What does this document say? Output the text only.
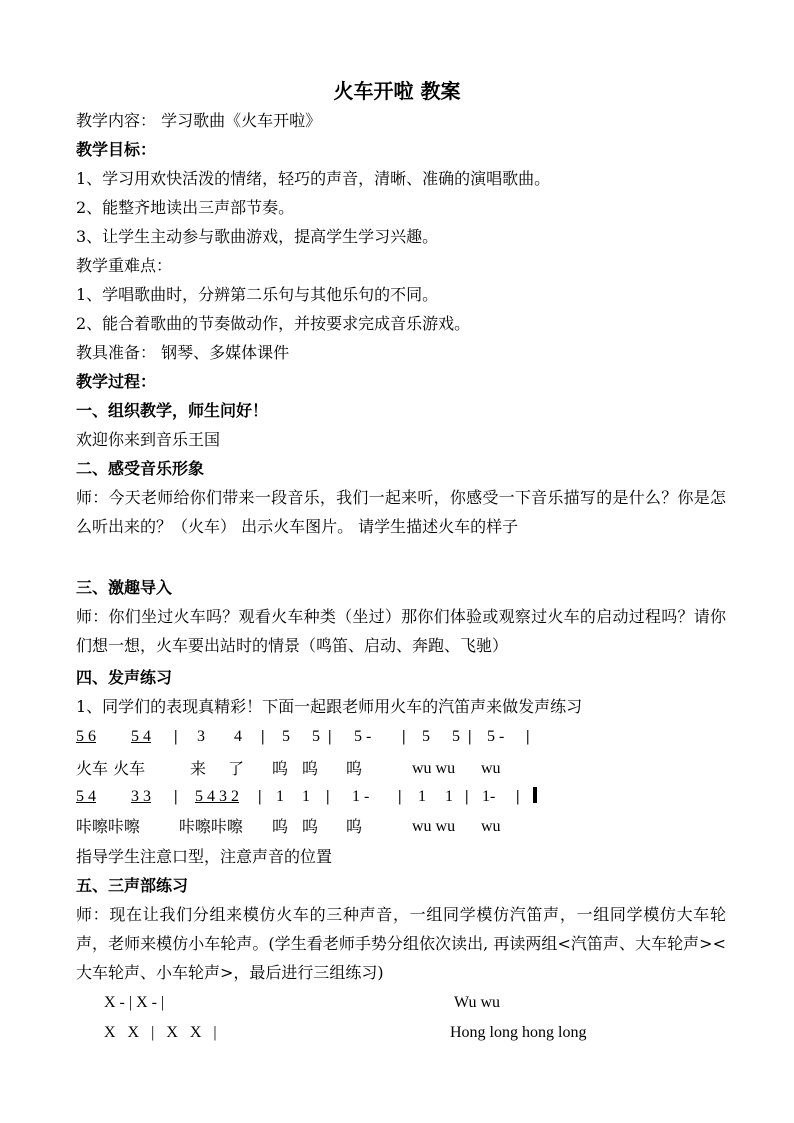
火车开啦 教案
教学内容： 学习歌曲《火车开啦》
教学目标：
1、学习用欢快活泼的情绪，轻巧的声音，清晰、准确的演唱歌曲。
2、能整齐地读出三声部节奏。
3、让学生主动参与歌曲游戏，提高学生学习兴趣。
教学重难点：
1、学唱歌曲时，分辨第二乐句与其他乐句的不同。
2、能合着歌曲的节奏做动作，并按要求完成音乐游戏。
教具准备： 钢琴、多媒体课件
教学过程：
一、组织教学，师生问好！
欢迎你来到音乐王国
二、感受音乐形象
师：今天老师给你们带来一段音乐，我们一起来听，你感受一下音乐描写的是什么？你是怎么听出来的？（火车） 出示火车图片。 请学生描述火车的样子
三、激趣导入
师：你们坐过火车吗？观看火车种类（坐过）那你们体验或观察过火车的启动过程吗？请你们想一想，火车要出站时的情景（鸣笛、启动、奔跑、飞驰）
四、发声练习
1、同学们的表现真精彩！下面一起跟老师用火车的汽笛声来做发声练习
5 6 5 4 | 3 4 | 5 5 | 5 - | 5 5 | 5 - |
火车 火车	来 了 呜 呜 呜	wu wu wu
5 4 3 3 | 5 4 3 2 | 1 1 | 1 - | 1 1 | 1- |
咔嚓咔嚓 咔嚓咔嚓 呜 呜 呜	wu wu wu
指导学生注意口型，注意声音的位置
五、三声部练习
师：现在让我们分组来模仿火车的三种声音，一组同学模仿汽笛声，一组同学模仿大车轮声，老师来模仿小车轮声。(学生看老师手势分组依次读出, 再读两组<汽笛声、大车轮声><大车轮声、小车轮声>，最后进行三组练习)
X - | X - |	Wu wu
X X | X X |	Hong long hong long
